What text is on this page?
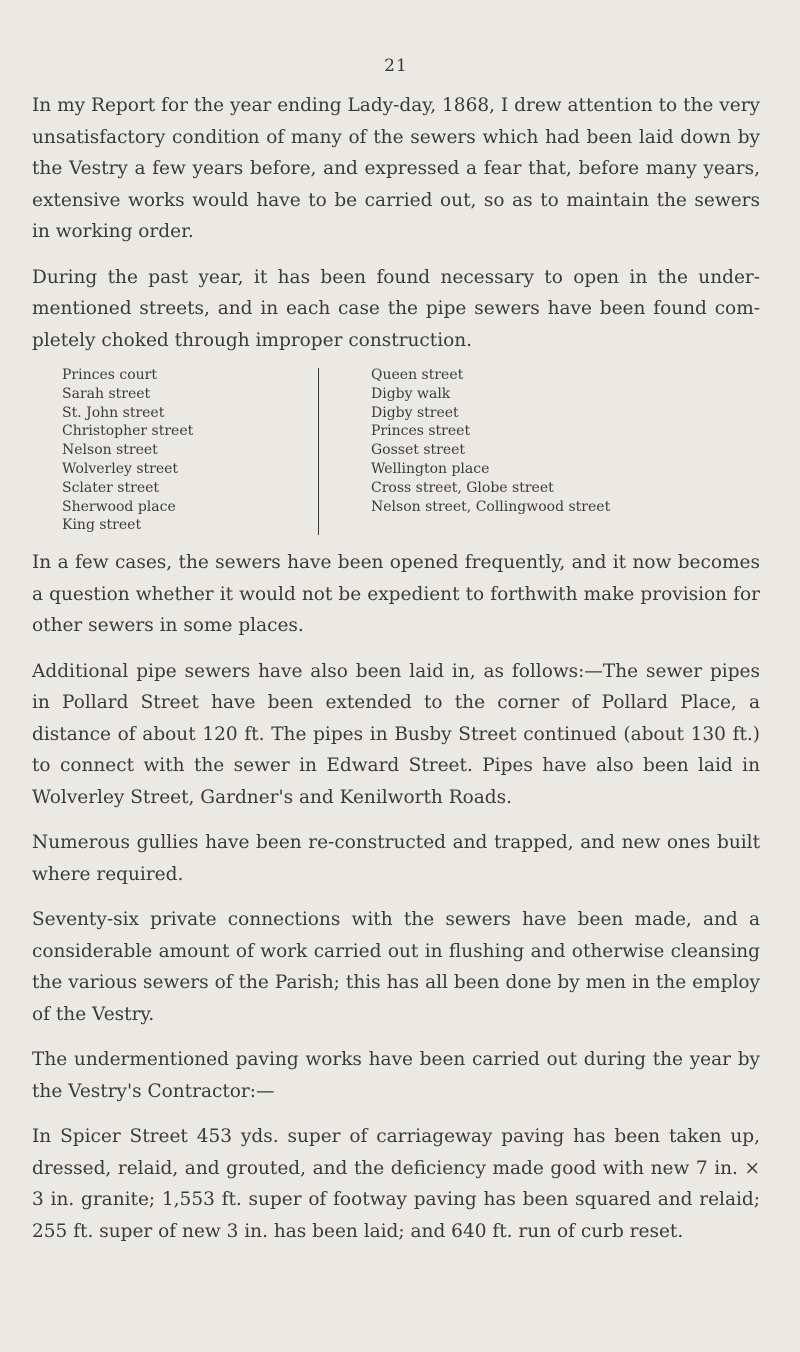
21

In my Report for the year ending Lady-day, 1868, I drew attention to the very unsatisfactory condition of many of the sewers which had been laid down by the Vestry a few years before, and expressed a fear that, before many years, extensive works would have to be carried out, so as to maintain the sewers in working order.

During the past year, it has been found necessary to open in the under-mentioned streets, and in each case the pipe sewers have been found com-pletely choked through improper construction.

Princes court
Sarah street
St. John street
Christopher street
Nelson street
Wolverley street
Sclater street
Sherwood place
King street
Queen street
Digby walk
Digby street
Princes street
Gosset street
Wellington place
Cross street, Globe street
Nelson street, Collingwood street

In a few cases, the sewers have been opened frequently, and it now becomes a question whether it would not be expedient to forthwith make provision for other sewers in some places.

Additional pipe sewers have also been laid in, as follows:—The sewer pipes in Pollard Street have been extended to the corner of Pollard Place, a distance of about 120 ft. The pipes in Busby Street continued (about 130 ft.) to connect with the sewer in Edward Street. Pipes have also been laid in Wolverley Street, Gardner's and Kenilworth Roads.

Numerous gullies have been re-constructed and trapped, and new ones built where required.

Seventy-six private connections with the sewers have been made, and a considerable amount of work carried out in flushing and otherwise cleansing the various sewers of the Parish; this has all been done by men in the employ of the Vestry.

The undermentioned paving works have been carried out during the year by the Vestry's Contractor:—

In Spicer Street 453 yds. super of carriageway paving has been taken up, dressed, relaid, and grouted, and the deficiency made good with new 7 in. × 3 in. granite; 1,553 ft. super of footway paving has been squared and relaid; 255 ft. super of new 3 in. has been laid; and 640 ft. run of curb reset.
